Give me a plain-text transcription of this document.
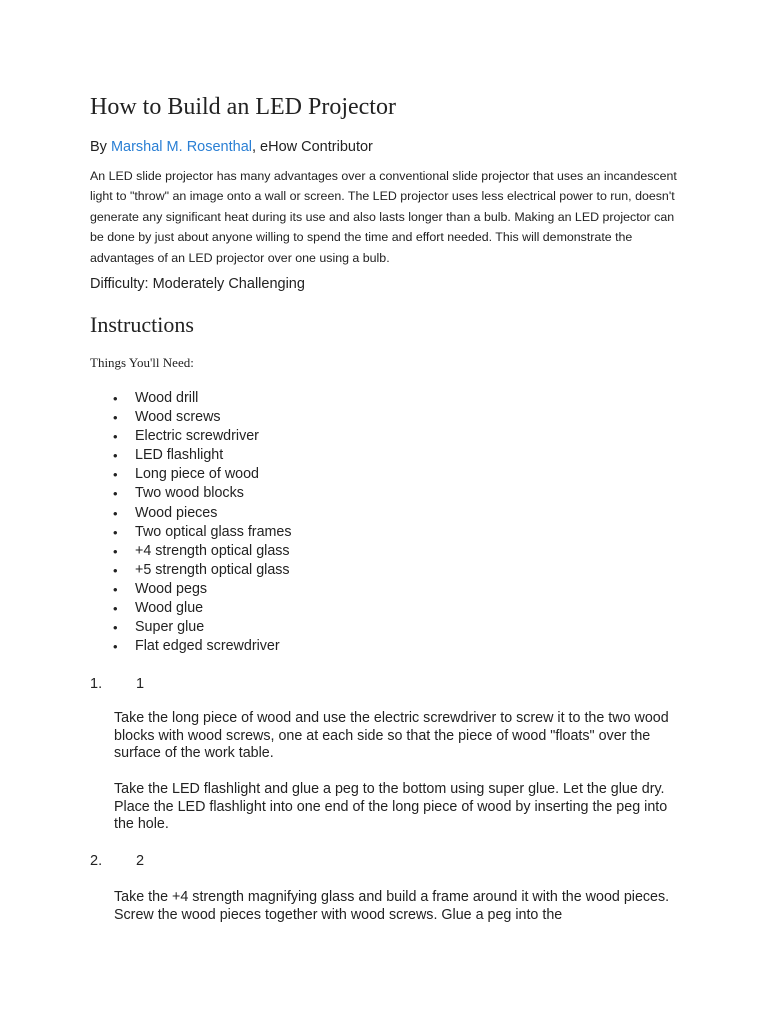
How to Build an LED Projector
By Marshal M. Rosenthal, eHow Contributor

An LED slide projector has many advantages over a conventional slide projector that uses an incandescent light to "throw" an image onto a wall or screen. The LED projector uses less electrical power to run, doesn't generate any significant heat during its use and also lasts longer than a bulb. Making an LED projector can be done by just about anyone willing to spend the time and effort needed. This will demonstrate the advantages of an LED projector over one using a bulb.

Difficulty: Moderately Challenging
Instructions
Things You'll Need:
• Wood drill
• Wood screws
• Electric screwdriver
• LED flashlight
• Long piece of wood
• Two wood blocks
• Wood pieces
• Two optical glass frames
• +4 strength optical glass
• +5 strength optical glass
• Wood pegs
• Wood glue
• Super glue
• Flat edged screwdriver
1. 1

Take the long piece of wood and use the electric screwdriver to screw it to the two wood blocks with wood screws, one at each side so that the piece of wood "floats" over the surface of the work table.

Take the LED flashlight and glue a peg to the bottom using super glue. Let the glue dry. Place the LED flashlight into one end of the long piece of wood by inserting the peg into the hole.

2. 2

Take the +4 strength magnifying glass and build a frame around it with the wood pieces. Screw the wood pieces together with wood screws. Glue a peg into the
